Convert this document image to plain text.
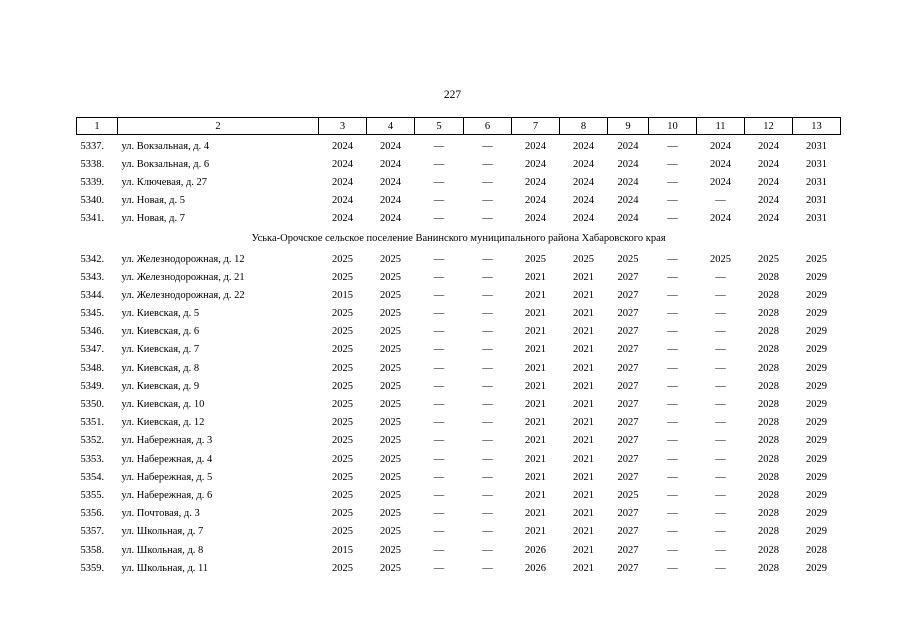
227
1	2	3	4	5	6	7	8	9	10	11	12	13
5337.	ул. Вокзальная, д. 4	2024	2024	—	—	2024	2024	2024	—	2024	2024	2031
5338.	ул. Вокзальная, д. 6	2024	2024	—	—	2024	2024	2024	—	2024	2024	2031
5339.	ул. Ключевая, д. 27	2024	2024	—	—	2024	2024	2024	—	2024	2024	2031
5340.	ул. Новая, д. 5	2024	2024	—	—	2024	2024	2024	—	—	2024	2031
5341.	ул. Новая, д. 7	2024	2024	—	—	2024	2024	2024	—	2024	2024	2031
Уська-Орочское сельское поселение Ванинского муниципального района Хабаровского края												
5342.	ул. Железнодорожная, д. 12	2025	2025	—	—	2025	2025	2025	—	2025	2025	2025
5343.	ул. Железнодорожная, д. 21	2025	2025	—	—	2021	2021	2027	—	—	2028	2029
5344.	ул. Железнодорожная, д. 22	2015	2025	—	—	2021	2021	2027	—	—	2028	2029
5345.	ул. Киевская, д. 5	2025	2025	—	—	2021	2021	2027	—	—	2028	2029
5346.	ул. Киевская, д. 6	2025	2025	—	—	2021	2021	2027	—	—	2028	2029
5347.	ул. Киевская, д. 7	2025	2025	—	—	2021	2021	2027	—	—	2028	2029
5348.	ул. Киевская, д. 8	2025	2025	—	—	2021	2021	2027	—	—	2028	2029
5349.	ул. Киевская, д. 9	2025	2025	—	—	2021	2021	2027	—	—	2028	2029
5350.	ул. Киевская, д. 10	2025	2025	—	—	2021	2021	2027	—	—	2028	2029
5351.	ул. Киевская, д. 12	2025	2025	—	—	2021	2021	2027	—	—	2028	2029
5352.	ул. Набережная, д. 3	2025	2025	—	—	2021	2021	2027	—	—	2028	2029
5353.	ул. Набережная, д. 4	2025	2025	—	—	2021	2021	2027	—	—	2028	2029
5354.	ул. Набережная, д. 5	2025	2025	—	—	2021	2021	2027	—	—	2028	2029
5355.	ул. Набережная, д. 6	2025	2025	—	—	2021	2021	2025	—	—	2028	2029
5356.	ул. Почтовая, д. 3	2025	2025	—	—	2021	2021	2027	—	—	2028	2029
5357.	ул. Школьная, д. 7	2025	2025	—	—	2021	2021	2027	—	—	2028	2029
5358.	ул. Школьная, д. 8	2015	2025	—	—	2026	2021	2027	—	—	2028	2028
5359.	ул. Школьная, д. 11	2025	2025	—	—	2026	2021	2027	—	—	2028	2029
